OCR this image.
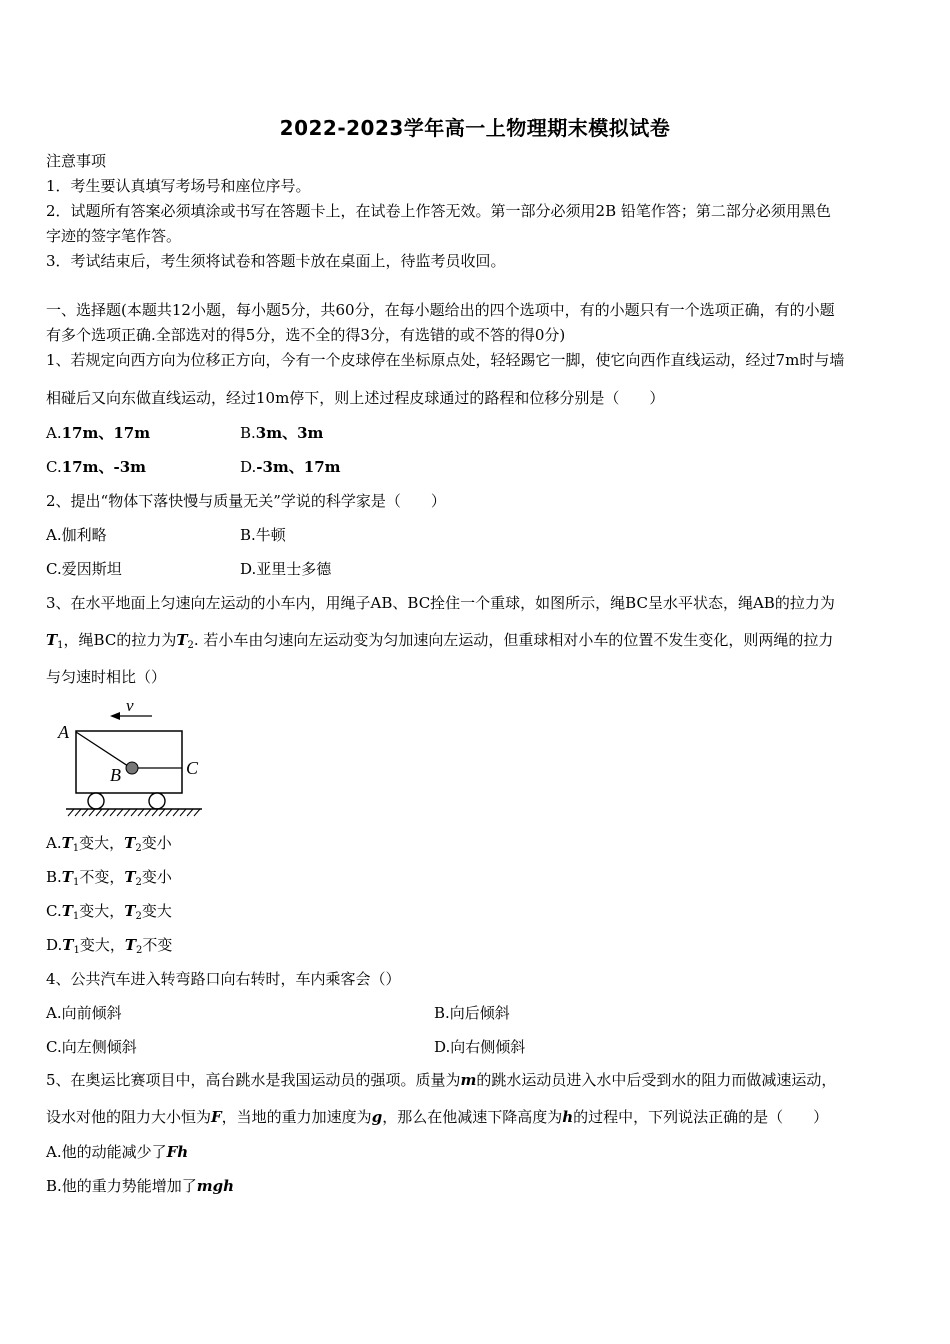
2022-2023学年高一上物理期末模拟试卷
注意事项
1．考生要认真填写考场号和座位序号。
2．试题所有答案必须填涂或书写在答题卡上，在试卷上作答无效。第一部分必须用2B 铅笔作答；第二部分必须用黑色
字迹的签字笔作答。
3．考试结束后，考生须将试卷和答题卡放在桌面上，待监考员收回。
一、选择题(本题共12小题，每小题5分，共60分，在每小题给出的四个选项中，有的小题只有一个选项正确，有的小题
有多个选项正确.全部选对的得5分，选不全的得3分，有选错的或不答的得0分)
1、若规定向西方向为位移正方向，今有一个皮球停在坐标原点处，轻轻踢它一脚，使它向西作直线运动，经过7m时与墙
相碰后又向东做直线运动，经过10m停下，则上述过程皮球通过的路程和位移分别是（　　）
A.17m、17m	B.3m、3m
C.17m、-3m	D.-3m、17m
2、提出“物体下落快慢与质量无关”学说的科学家是（　　）
A.伽利略	B.牛顿
C.爱因斯坦	D.亚里士多德
3、在水平地面上匀速向左运动的小车内，用绳子AB、BC拴住一个重球，如图所示，绳BC呈水平状态，绳AB的拉力为
$T_1$，绳BC的拉力为$T_2$. 若小车由匀速向左运动变为匀加速向左运动，但重球相对小车的位置不发生变化，则两绳的拉力
与匀速时相比（）
v
A
B	C
$A.T_1$变大，$T_2$变小
$B.T_1$不变，$T_2$变小
$C.T_1$变大，$T_2$变大
$D.T_1$变大，$T_2$不变
4、公共汽车进入转弯路口向右转时，车内乘客会（）
A.向前倾斜	B.向后倾斜
C.向左侧倾斜	D.向右侧倾斜
5、在奥运比赛项目中，高台跳水是我国运动员的强项。质量为m的跳水运动员进入水中后受到水的阻力而做减速运动，
设水对他的阻力大小恒为F，当地的重力加速度为g，那么在他减速下降高度为h的过程中，下列说法正确的是（　　）
A.他的动能减少了Fh
B.他的重力势能增加了mgh
